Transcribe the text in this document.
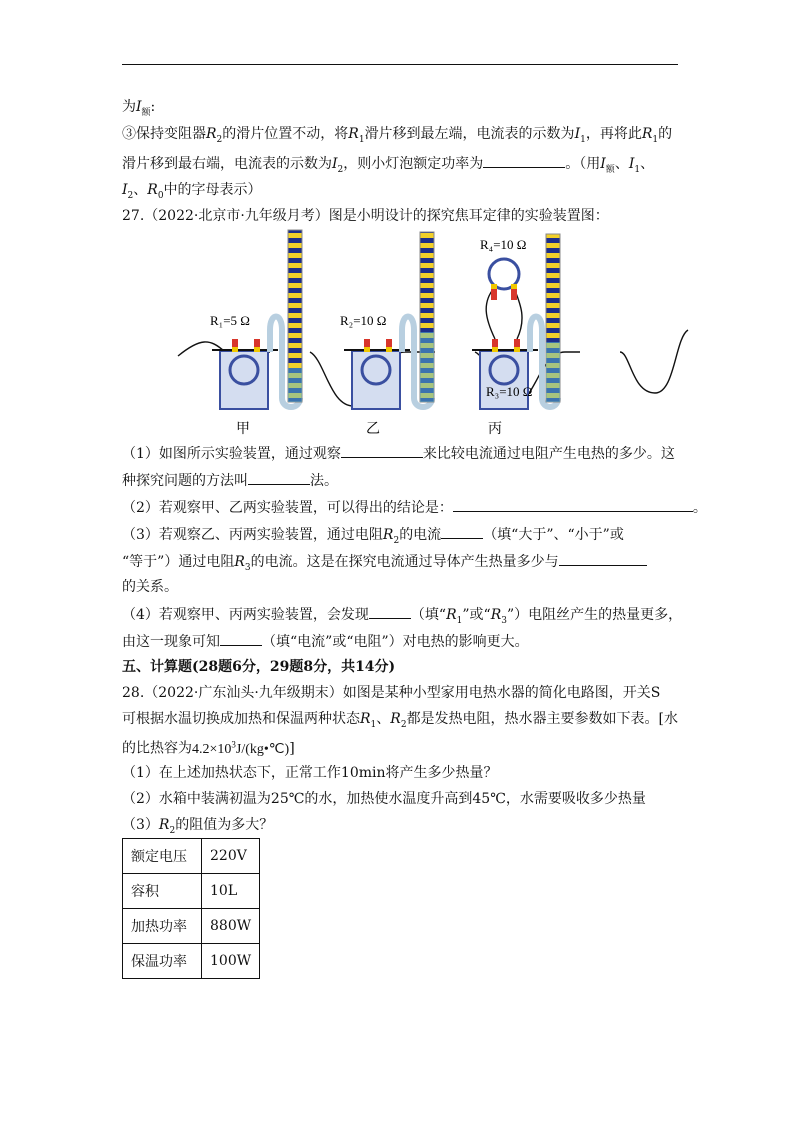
为$I_额$:
③保持变阻器$R_2$的滑片位置不动，将$R_1$滑片移到最左端，电流表的示数为$I_1$，再将此$R_1$的
滑片移到最右端，电流表的示数为$I_2$，则小灯泡额定功率为	。（用$I_额$、$I_1$、
$I_2$、$R_0$中的字母表示）
27.（2022·北京市·九年级月考）图是小明设计的探究焦耳定律的实验装置图：
R₁=5 Ω	R₂=10 Ω
R₄=10 Ω
R₃=10 Ω
甲	乙	丙
（1）如图所示实验装置，通过观察	来比较电流通过电阻产生电热的多少。这
种探究问题的方法叫	法。
（2）若观察甲、乙两实验装置，可以得出的结论是：	。
（3）若观察乙、丙两实验装置，通过电阻$R_2$的电流	（填“大于”、“小于”或
“等于”）通过电阻$R_3$的电流。这是在探究电流通过导体产生热量多少与
的关系。
（4）若观察甲、丙两实验装置，会发现	（填“$R_1$”或“$R_3$”）电阻丝产生的热量更多，
由这一现象可知	（填“电流”或“电阻”）对电热的影响更大。
五、计算题(28题6分，29题8分，共14分)
28.（2022·广东汕头·九年级期末）如图是某种小型家用电热水器的简化电路图，开关S
可根据水温切换成加热和保温两种状态$R_1$、$R_2$都是发热电阻，热水器主要参数如下表。[水
的比热容为$4.2\times 10^3J/(kg•℃)$]
（1）在上述加热状态下，正常工作10min将产生多少热量？
（2）水箱中装满初温为25℃的水，加热使水温度升高到45℃，水需要吸收多少热量
$(3)R_2$的阻值为多大？
额定电压	220V
容积	10L
加热功率	880W
保温功率	100W
